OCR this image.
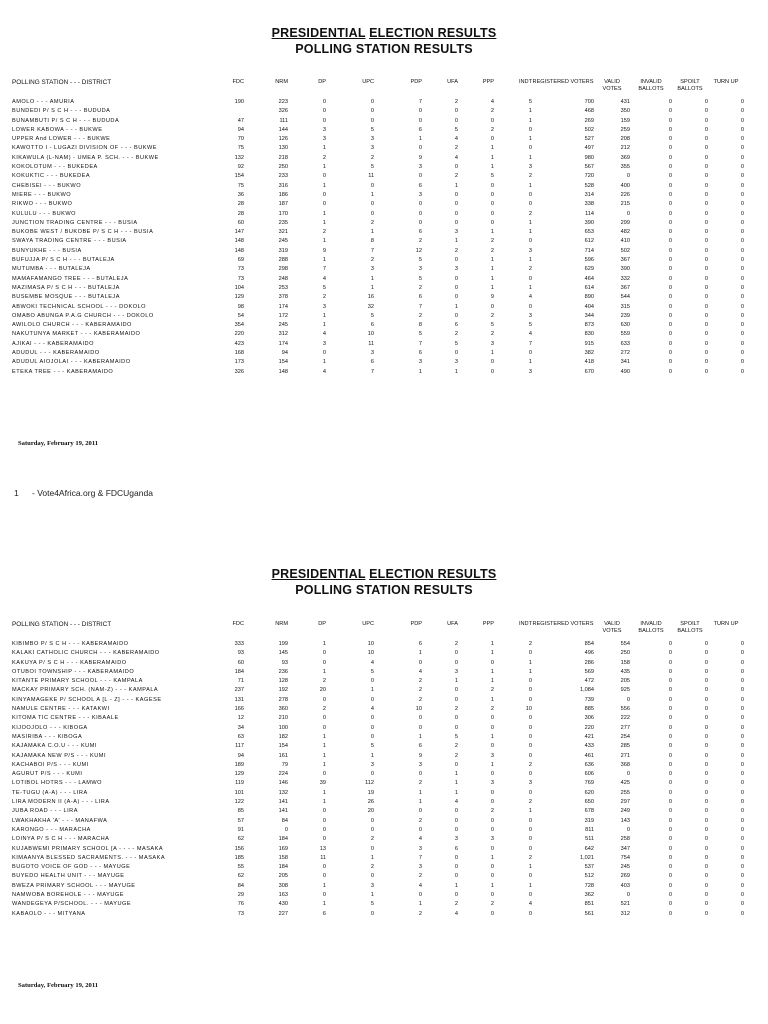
PRESIDENTIAL ELECTION RESULTS
POLLING STATION RESULTS
POLLING STATION - - - DISTRICT	FDC	NRM	DP	UPC	PDP	UFA	PPP	INDT	REGISTERED VOTERS	VALID VOTES	INVALID BALLOTS	SPOILT BALLOTS	TURN UP
AMOLO - - - AMURIA	190	223	0	0	7	2	4	5	700	431	0	0	0
BUNDEDI P/ S C H - - - BUDUDA		326	0	0	0	0	2	1	468	350	0	0	0
BUNAMBUTI P/ S C H - - - BUDUDA	47	111	0	0	0	0	0	1	269	159	0	0	0
LOWER KABOWA - - - BUKWE	94	144	3	5	6	5	2	0	502	259	0	0	0
UPPER And LOWER - - - BUKWE	70	126	3	3	1	4	0	1	527	208	0	0	0
KAWOTTO I - LUGAZI DIVISION OF - - - BUKWE	75	130	1	3	0	2	1	0	497	212	0	0	0
KIKAWULA (L-NAM) - UMEA P. SCH. - - - BUKWE	132	218	2	2	9	4	1	1	980	369	0	0	0
KOKOLOTUM - - - BUKEDEA	92	250	1	5	3	0	1	3	567	355	0	0	0
KOKUKTIC - - - BUKEDEA	154	233	0	11	0	2	5	2	720	0	0	0	0
CHEBISEI - - - BUKWO	75	316	1	0	6	1	0	1	528	400	0	0	0
MIERE - - - BUKWO	36	186	0	1	3	0	0	0	314	226	0	0	0
RIKWO - - - BUKWO	28	187	0	0	0	0	0	0	338	215	0	0	0
KULULU - - - BUKWO	28	170	1	0	0	0	0	2	114	0	0	0	0
JUNCTION TRADING CENTRE - - - BUSIA	60	235	1	2	0	0	0	1	390	299	0	0	0
BUKOBE WEST / BUKOBE P/ S C H - - - BUSIA	147	321	2	1	6	3	1	1	653	482	0	0	0
SWAYA TRADING CENTRE - - - BUSIA	148	245	1	8	2	1	2	0	612	410	0	0	0
BUNYUKHE - - - BUSIA	148	319	9	7	12	2	2	3	714	502	0	0	0
BUFUJJA P/ S C H - - - BUTALEJA	69	288	1	2	5	0	1	1	596	367	0	0	0
MUTUMBA - - - BUTALEJA	73	298	7	3	3	3	1	2	629	390	0	0	0
MAMAFAMANGO TREE - - - BUTALEJA	73	248	4	1	5	0	1	0	464	332	0	0	0
MAZIMASA P/ S C H - - - BUTALEJA	104	253	5	1	2	0	1	1	614	367	0	0	0
BUSEMBE MOSQUE - - - BUTALEJA	129	378	2	16	6	0	9	4	890	544	0	0	0
ABWOKI TECHNICAL SCHOOL - - - DOKOLO	98	174	3	32	7	1	0	0	404	315	0	0	0
OMABO ABUNGA P.A.G CHURCH - - - DOKOLO	54	172	1	5	2	0	2	3	344	239	0	0	0
AWILOLO CHURCH - - - KABERAMAIDO	354	245	1	6	8	6	5	5	873	630	0	0	0
NAKUTUNYA MARKET - - - KABERAMAIDO	220	312	4	10	5	2	2	4	830	559	0	0	0
AJIKAI - - - KABERAMAIDO	423	174	3	11	7	5	3	7	915	633	0	0	0
ADUDUL - - - KABERAMAIDO	168	94	0	3	6	0	1	0	382	272	0	0	0
ADUDUL AIOJOLAI - - - KABERAMAIDO	173	154	1	6	3	3	0	1	418	341	0	0	0
ETEKA TREE - - - KABERAMAIDO	326	148	4	7	1	1	0	3	670	490	0	0	0
Saturday, February 19, 2011
1 - Vote4Africa.org & FDCUganda
PRESIDENTIAL ELECTION RESULTS
POLLING STATION RESULTS
POLLING STATION - - - DISTRICT	FDC	NRM	DP	UPC	PDP	UFA	PPP	INDT	REGISTERED VOTERS	VALID VOTES	INVALID BALLOTS	SPOILT BALLOTS	TURN UP
KIBIMBO P/ S C H - - - KABERAMAIDO	333	199	1	10	6	2	1	2	854	554	0	0	0
KALAKI CATHOLIC CHURCH - - - KABERAMAIDO	93	145	0	10	1	0	1	0	496	250	0	0	0
KAKUYA P/ S C H - - - KABERAMAIDO	60	93	0	4	0	0	0	1	286	158	0	0	0
OTUBOI TOWNSHIP - - - KABERAMAIDO	184	236	1	5	4	3	1	1	569	435	0	0	0
KITANTE PRIMARY SCHOOL - - - KAMPALA	71	128	2	0	2	1	1	0	472	205	0	0	0
MACKAY PRIMARY SCH. (NAM-Z) - - - KAMPALA	237	192	20	1	2	0	2	0	1,084	925	0	0	0
KINYAMAGEKE P/ SCHOOL A [L - Z] - - - KAGESE	131	278	0	0	2	0	1	0	739	0	0	0	0
NAMULE CENTRE - - - KATAKWI	166	360	2	4	10	2	2	10	885	556	0	0	0
KITOMA TIC CENTRE - - - KIBAALE	12	210	0	0	0	0	0	0	306	222	0	0	0
KIJOOJOLO - - - KIBOGA	34	100	0	0	0	0	0	0	220	277	0	0	0
MASIRIBA - - - KIBOGA	63	182	1	0	1	5	1	0	421	254	0	0	0
KAJAMAKA C.O.U - - - KUMI	117	154	1	5	6	2	0	0	433	285	0	0	0
KAJAMAKA NEW P/S - - - KUMI	94	161	1	1	9	2	3	0	461	271	0	0	0
KACHABOI P/S - - - KUMI	189	79	1	3	3	0	1	2	636	368	0	0	0
AGURUT P/S - - - KUMI	129	224	0	0	0	1	0	0	606	0	0	0	0
LOTIBOL HOTRS - - - LAMWO	119	146	39	112	2	1	3	3	769	425	0	0	0
TE-TUGU (A-A) - - - LIRA	101	132	1	19	1	1	0	0	620	255	0	0	0
LIRA MODERN II (A-A) - - - LIRA	122	141	1	26	1	4	0	2	650	297	0	0	0
JUBA ROAD - - - LIRA	85	141	0	20	0	0	2	1	678	249	0	0	0
LWAKHAKHA 'A' - - - MANAFWA	57	84	0	0	2	0	0	0	319	143	0	0	0
KARONGO - - - MARACHA	91	0	0	0	0	0	0	0	811	0	0	0	0
LOINYA P/ S C H - - - MARACHA	62	184	0	2	4	3	3	0	511	258	0	0	0
KUJABWEMI PRIMARY SCHOOL [A - - - - MASAKA	156	169	13	0	3	6	0	0	642	347	0	0	0
KIMAANYA BLESSED SACRAMENTS. - - - MASAKA	185	158	11	1	7	0	1	2	1,021	754	0	0	0
BUGOTO VOICE OF GOD - - - MAYUGE	55	184	0	2	3	0	0	1	537	245	0	0	0
BUYEDO HEALTH UNIT - - - MAYUGE	62	205	0	0	2	0	0	0	512	269	0	0	0
BWEZA PRIMARY SCHOOL - - - MAYUGE	84	308	1	3	4	1	1	1	728	403	0	0	0
NAMWOBA BOREHOLE - - - MAYUGE	29	163	0	1	0	0	0	0	362	0	0	0	0
WANDEGEYA P/SCHOOL. - - - MAYUGE	76	430	1	5	1	2	2	4	851	521	0	0	0
KABAOLO - - - MITYANA	73	227	6	0	2	4	0	0	561	312	0	0	0
Saturday, February 19, 2011
